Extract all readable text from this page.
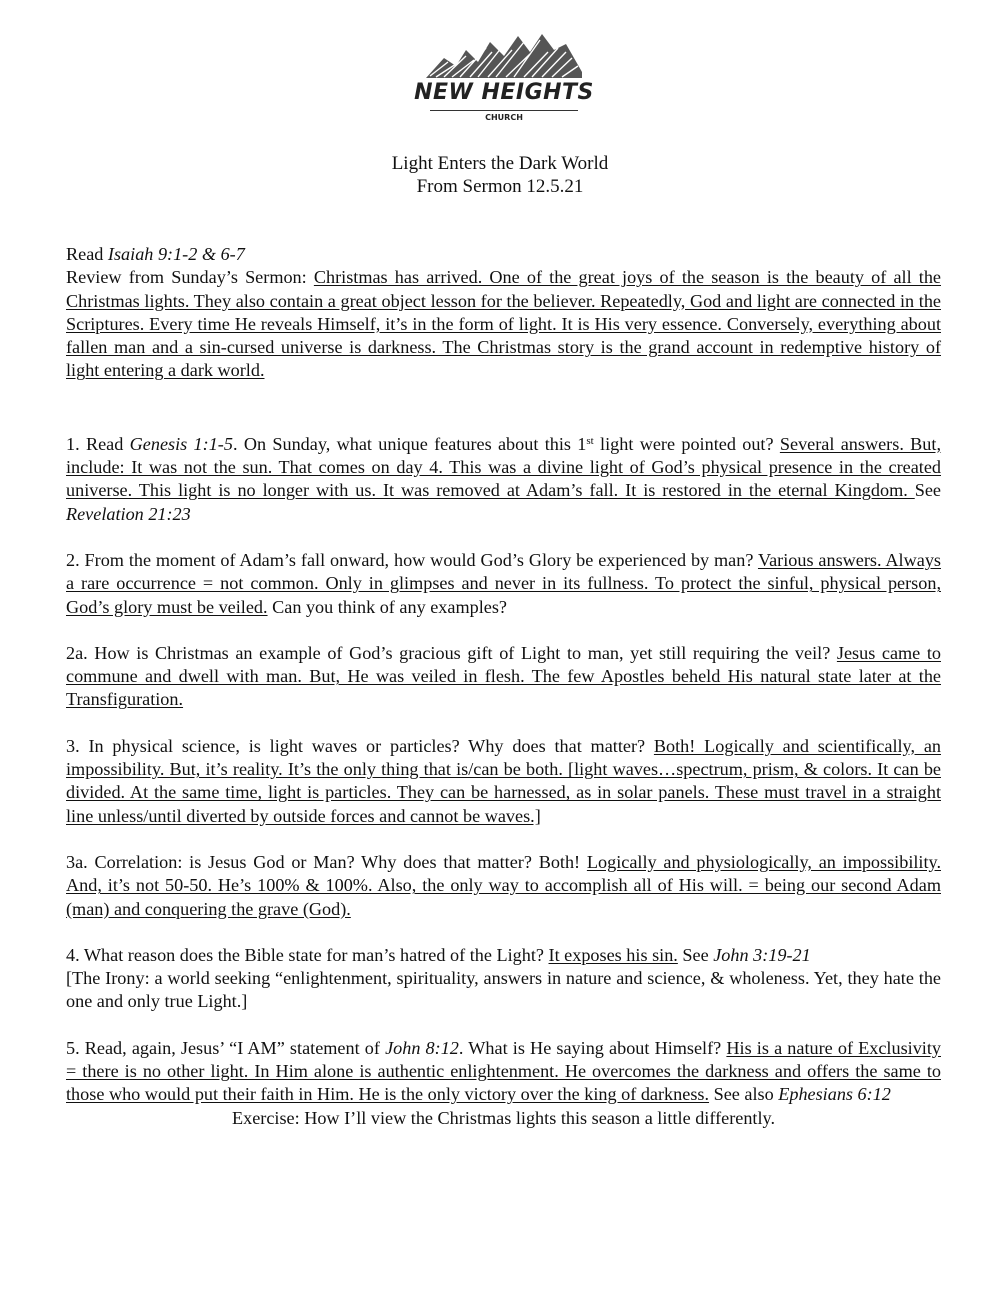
NEW HEIGHTS
CHURCH
Light Enters the Dark World
From Sermon 12.5.21

Read Isaiah 9:1-2 & 6-7

Review from Sunday’s Sermon: Christmas has arrived. One of the great joys of the season is the beauty of all the Christmas lights. They also contain a great object lesson for the believer. Repeatedly, God and light are connected in the Scriptures. Every time He reveals Himself, it’s in the form of light. It is His very essence. Conversely, everything about fallen man and a sin-cursed universe is darkness. The Christmas story is the grand account in redemptive history of light entering a dark world.

1. Read Genesis 1:1-5. On Sunday, what unique features about this 1st light were pointed out? Several answers. But, include: It was not the sun. That comes on day 4. This was a divine light of God’s physical presence in the created universe. This light is no longer with us. It was removed at Adam’s fall. It is restored in the eternal Kingdom. See Revelation 21:23

2. From the moment of Adam’s fall onward, how would God’s Glory be experienced by man? Various answers. Always a rare occurrence = not common. Only in glimpses and never in its fullness. To protect the sinful, physical person, God’s glory must be veiled. Can you think of any examples?

2a. How is Christmas an example of God’s gracious gift of Light to man, yet still requiring the veil? Jesus came to commune and dwell with man. But, He was veiled in flesh. The few Apostles beheld His natural state later at the Transfiguration.

3. In physical science, is light waves or particles? Why does that matter? Both! Logically and scientifically, an impossibility. But, it’s reality. It’s the only thing that is/can be both. [light waves…spectrum, prism, & colors. It can be divided. At the same time, light is particles. They can be harnessed, as in solar panels. These must travel in a straight line unless/until diverted by outside forces and cannot be waves.]

3a. Correlation: is Jesus God or Man? Why does that matter? Both! Logically and physiologically, an impossibility. And, it’s not 50-50. He’s 100% & 100%. Also, the only way to accomplish all of His will. = being our second Adam (man) and conquering the grave (God).

4. What reason does the Bible state for man’s hatred of the Light? It exposes his sin. See John 3:19-21
[The Irony: a world seeking “enlightenment, spirituality, answers in nature and science, & wholeness. Yet, they hate the one and only true Light.]

5. Read, again, Jesus’ “I AM” statement of John 8:12. What is He saying about Himself? His is a nature of Exclusivity = there is no other light. In Him alone is authentic enlightenment. He overcomes the darkness and offers the same to those who would put their faith in Him. He is the only victory over the king of darkness. See also Ephesians 6:12

Exercise: How I’ll view the Christmas lights this season a little differently.
